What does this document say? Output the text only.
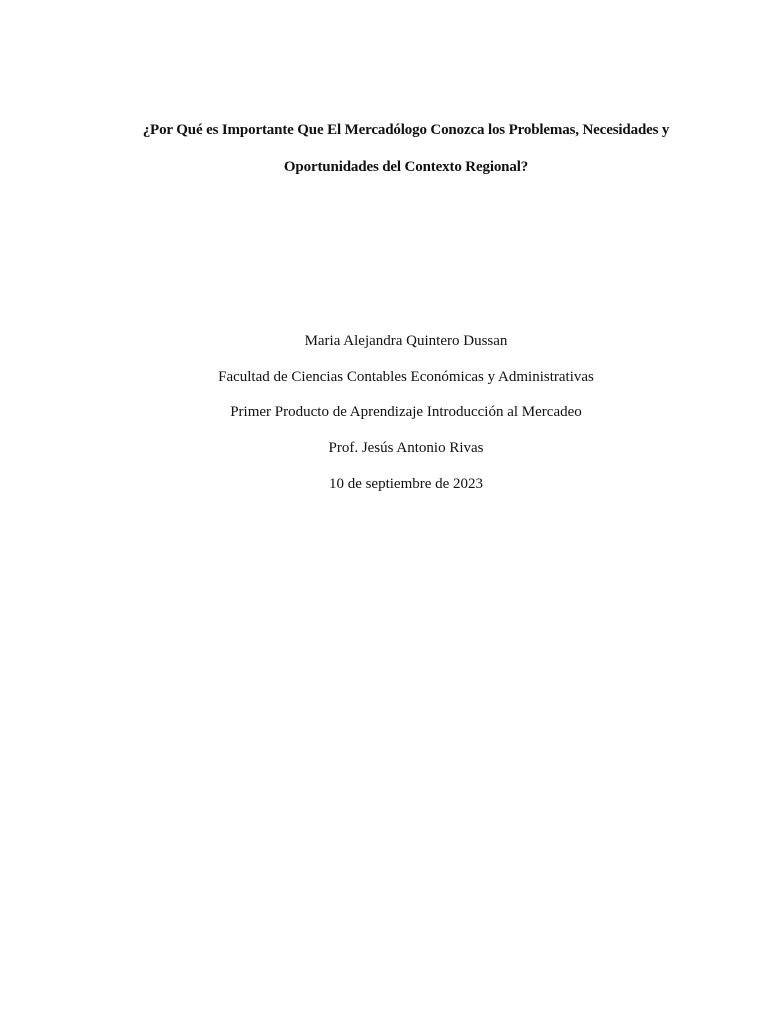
¿Por Qué es Importante Que El Mercadólogo Conozca los Problemas, Necesidades y
Oportunidades del Contexto Regional?

Maria Alejandra Quintero Dussan

Facultad de Ciencias Contables Económicas y Administrativas

Primer Producto de Aprendizaje Introducción al Mercadeo

Prof. Jesús Antonio Rivas

10 de septiembre de 2023
